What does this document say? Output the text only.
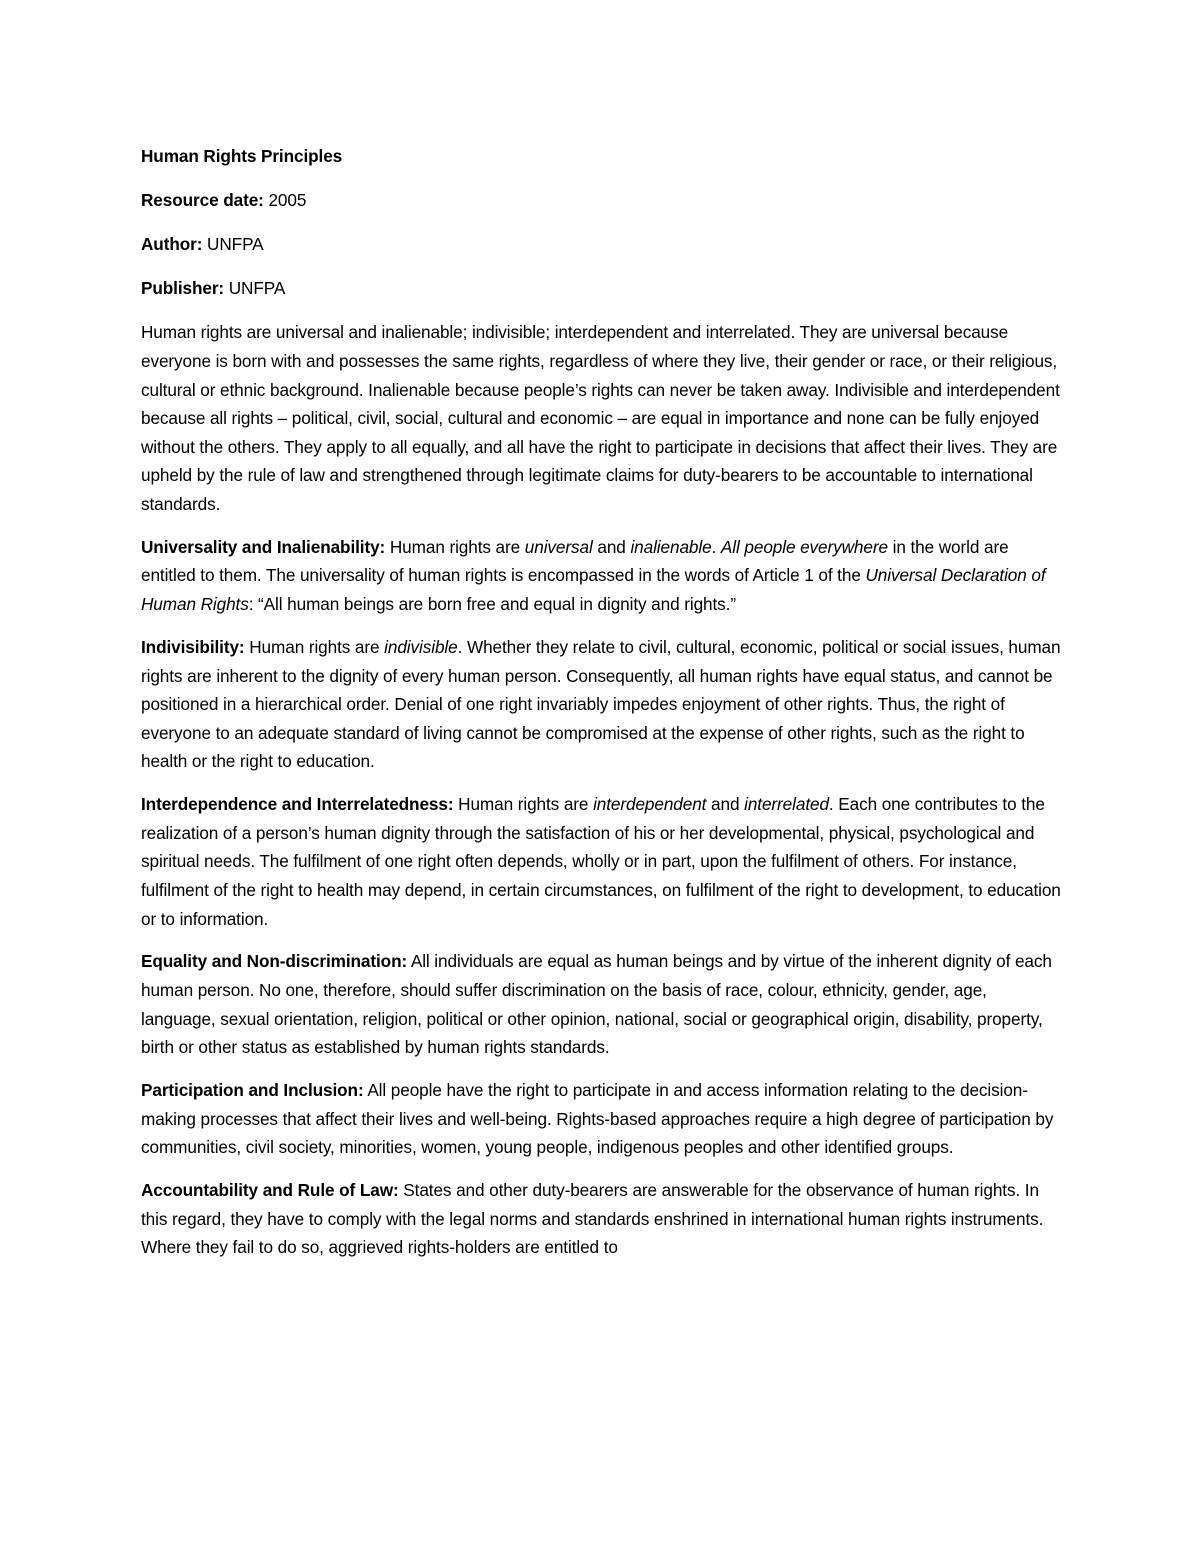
Human Rights Principles

Resource date: 2005

Author: UNFPA

Publisher: UNFPA

Human rights are universal and inalienable; indivisible; interdependent and interrelated. They are universal because everyone is born with and possesses the same rights, regardless of where they live, their gender or race, or their religious, cultural or ethnic background. Inalienable because people’s rights can never be taken away. Indivisible and interdependent because all rights – political, civil, social, cultural and economic – are equal in importance and none can be fully enjoyed without the others. They apply to all equally, and all have the right to participate in decisions that affect their lives. They are upheld by the rule of law and strengthened through legitimate claims for duty-bearers to be accountable to international standards.

Universality and Inalienability: Human rights are universal and inalienable. All people everywhere in the world are entitled to them. The universality of human rights is encompassed in the words of Article 1 of the Universal Declaration of Human Rights: “All human beings are born free and equal in dignity and rights.”

Indivisibility: Human rights are indivisible. Whether they relate to civil, cultural, economic, political or social issues, human rights are inherent to the dignity of every human person. Consequently, all human rights have equal status, and cannot be positioned in a hierarchical order. Denial of one right invariably impedes enjoyment of other rights. Thus, the right of everyone to an adequate standard of living cannot be compromised at the expense of other rights, such as the right to health or the right to education.

Interdependence and Interrelatedness: Human rights are interdependent and interrelated. Each one contributes to the realization of a person’s human dignity through the satisfaction of his or her developmental, physical, psychological and spiritual needs. The fulfilment of one right often depends, wholly or in part, upon the fulfilment of others. For instance, fulfilment of the right to health may depend, in certain circumstances, on fulfilment of the right to development, to education or to information.

Equality and Non-discrimination: All individuals are equal as human beings and by virtue of the inherent dignity of each human person. No one, therefore, should suffer discrimination on the basis of race, colour, ethnicity, gender, age, language, sexual orientation, religion, political or other opinion, national, social or geographical origin, disability, property, birth or other status as established by human rights standards.

Participation and Inclusion: All people have the right to participate in and access information relating to the decision-making processes that affect their lives and well-being. Rights-based approaches require a high degree of participation by communities, civil society, minorities, women, young people, indigenous peoples and other identified groups.

Accountability and Rule of Law: States and other duty-bearers are answerable for the observance of human rights. In this regard, they have to comply with the legal norms and standards enshrined in international human rights instruments. Where they fail to do so, aggrieved rights-holders are entitled to
